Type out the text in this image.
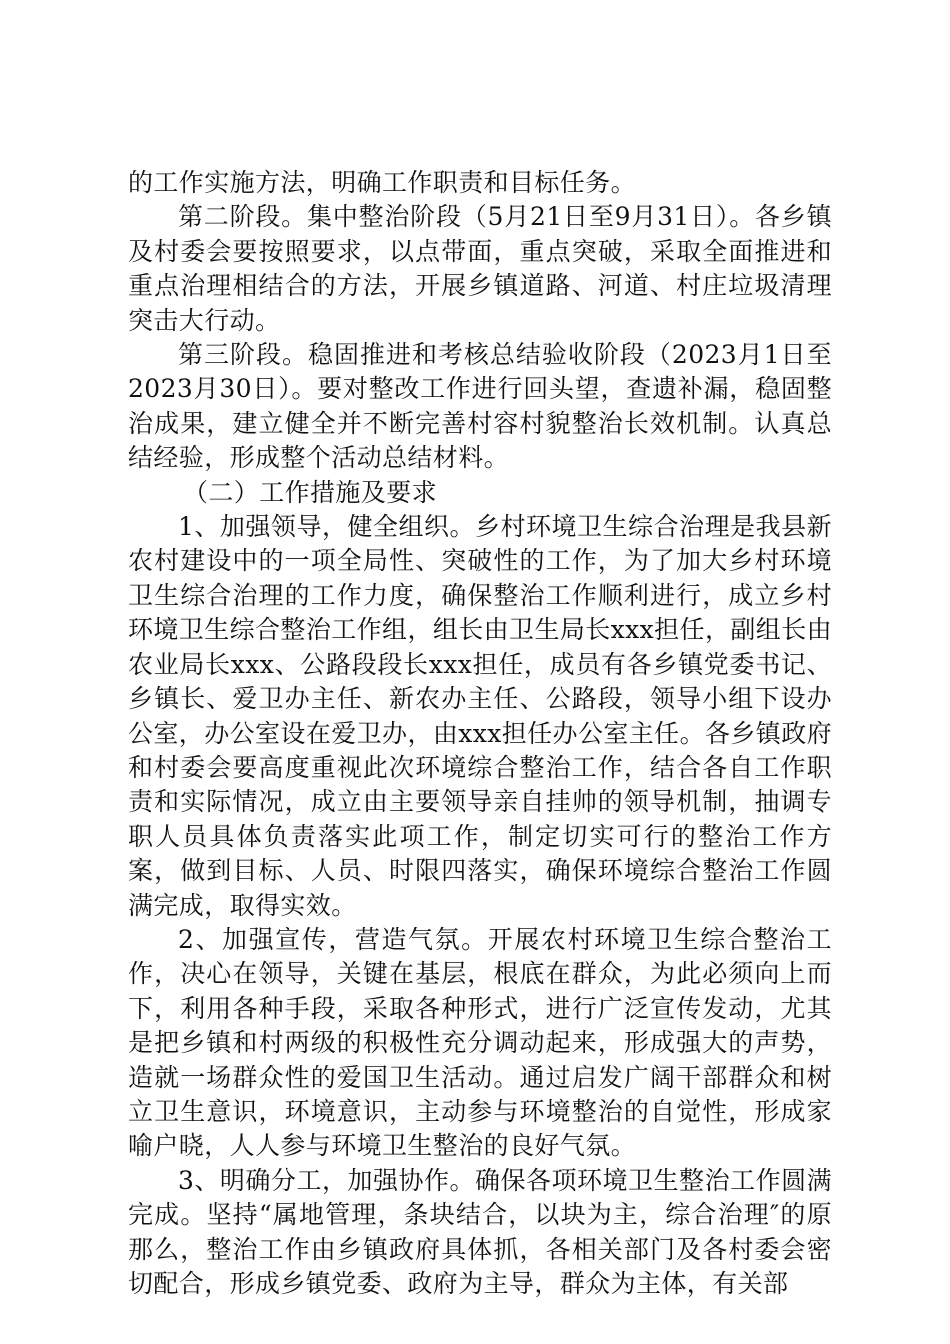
的工作实施方法，明确工作职责和目标任务。

第二阶段。集中整治阶段（5月21日至9月31日）。各乡镇及村委会要按照要求，以点带面，重点突破，采取全面推进和重点治理相结合的方法，开展乡镇道路、河道、村庄垃圾清理突击大行动。

第三阶段。稳固推进和考核总结验收阶段（2023月1日至2023月30日）。要对整改工作进行回头望，查遗补漏，稳固整治成果，建立健全并不断完善村容村貌整治长效机制。认真总结经验，形成整个活动总结材料。

（二）工作措施及要求

1、加强领导，健全组织。乡村环境卫生综合治理是我县新农村建设中的一项全局性、突破性的工作，为了加大乡村环境卫生综合治理的工作力度，确保整治工作顺利进行，成立乡村环境卫生综合整治工作组，组长由卫生局长xxx担任，副组长由农业局长xxx、公路段段长xxx担任，成员有各乡镇党委书记、乡镇长、爱卫办主任、新农办主任、公路段，领导小组下设办公室，办公室设在爱卫办，由xxx担任办公室主任。各乡镇政府和村委会要高度重视此次环境综合整治工作，结合各自工作职责和实际情况，成立由主要领导亲自挂帅的领导机制，抽调专职人员具体负责落实此项工作，制定切实可行的整治工作方案，做到目标、人员、时限四落实，确保环境综合整治工作圆满完成，取得实效。

2、加强宣传，营造气氛。开展农村环境卫生综合整治工作，决心在领导，关键在基层，根底在群众，为此必须向上而下，利用各种手段，采取各种形式，进行广泛宣传发动，尤其是把乡镇和村两级的积极性充分调动起来，形成强大的声势，造就一场群众性的爱国卫生活动。通过启发广阔干部群众和树立卫生意识，环境意识，主动参与环境整治的自觉性，形成家喻户晓，人人参与环境卫生整治的良好气氛。

3、明确分工，加强协作。确保各项环境卫生整治工作圆满完成。坚持“属地管理，条块结合，以块为主，综合治理″的原那么，整治工作由乡镇政府具体抓，各相关部门及各村委会密切配合，形成乡镇党委、政府为主导，群众为主体，有关部
